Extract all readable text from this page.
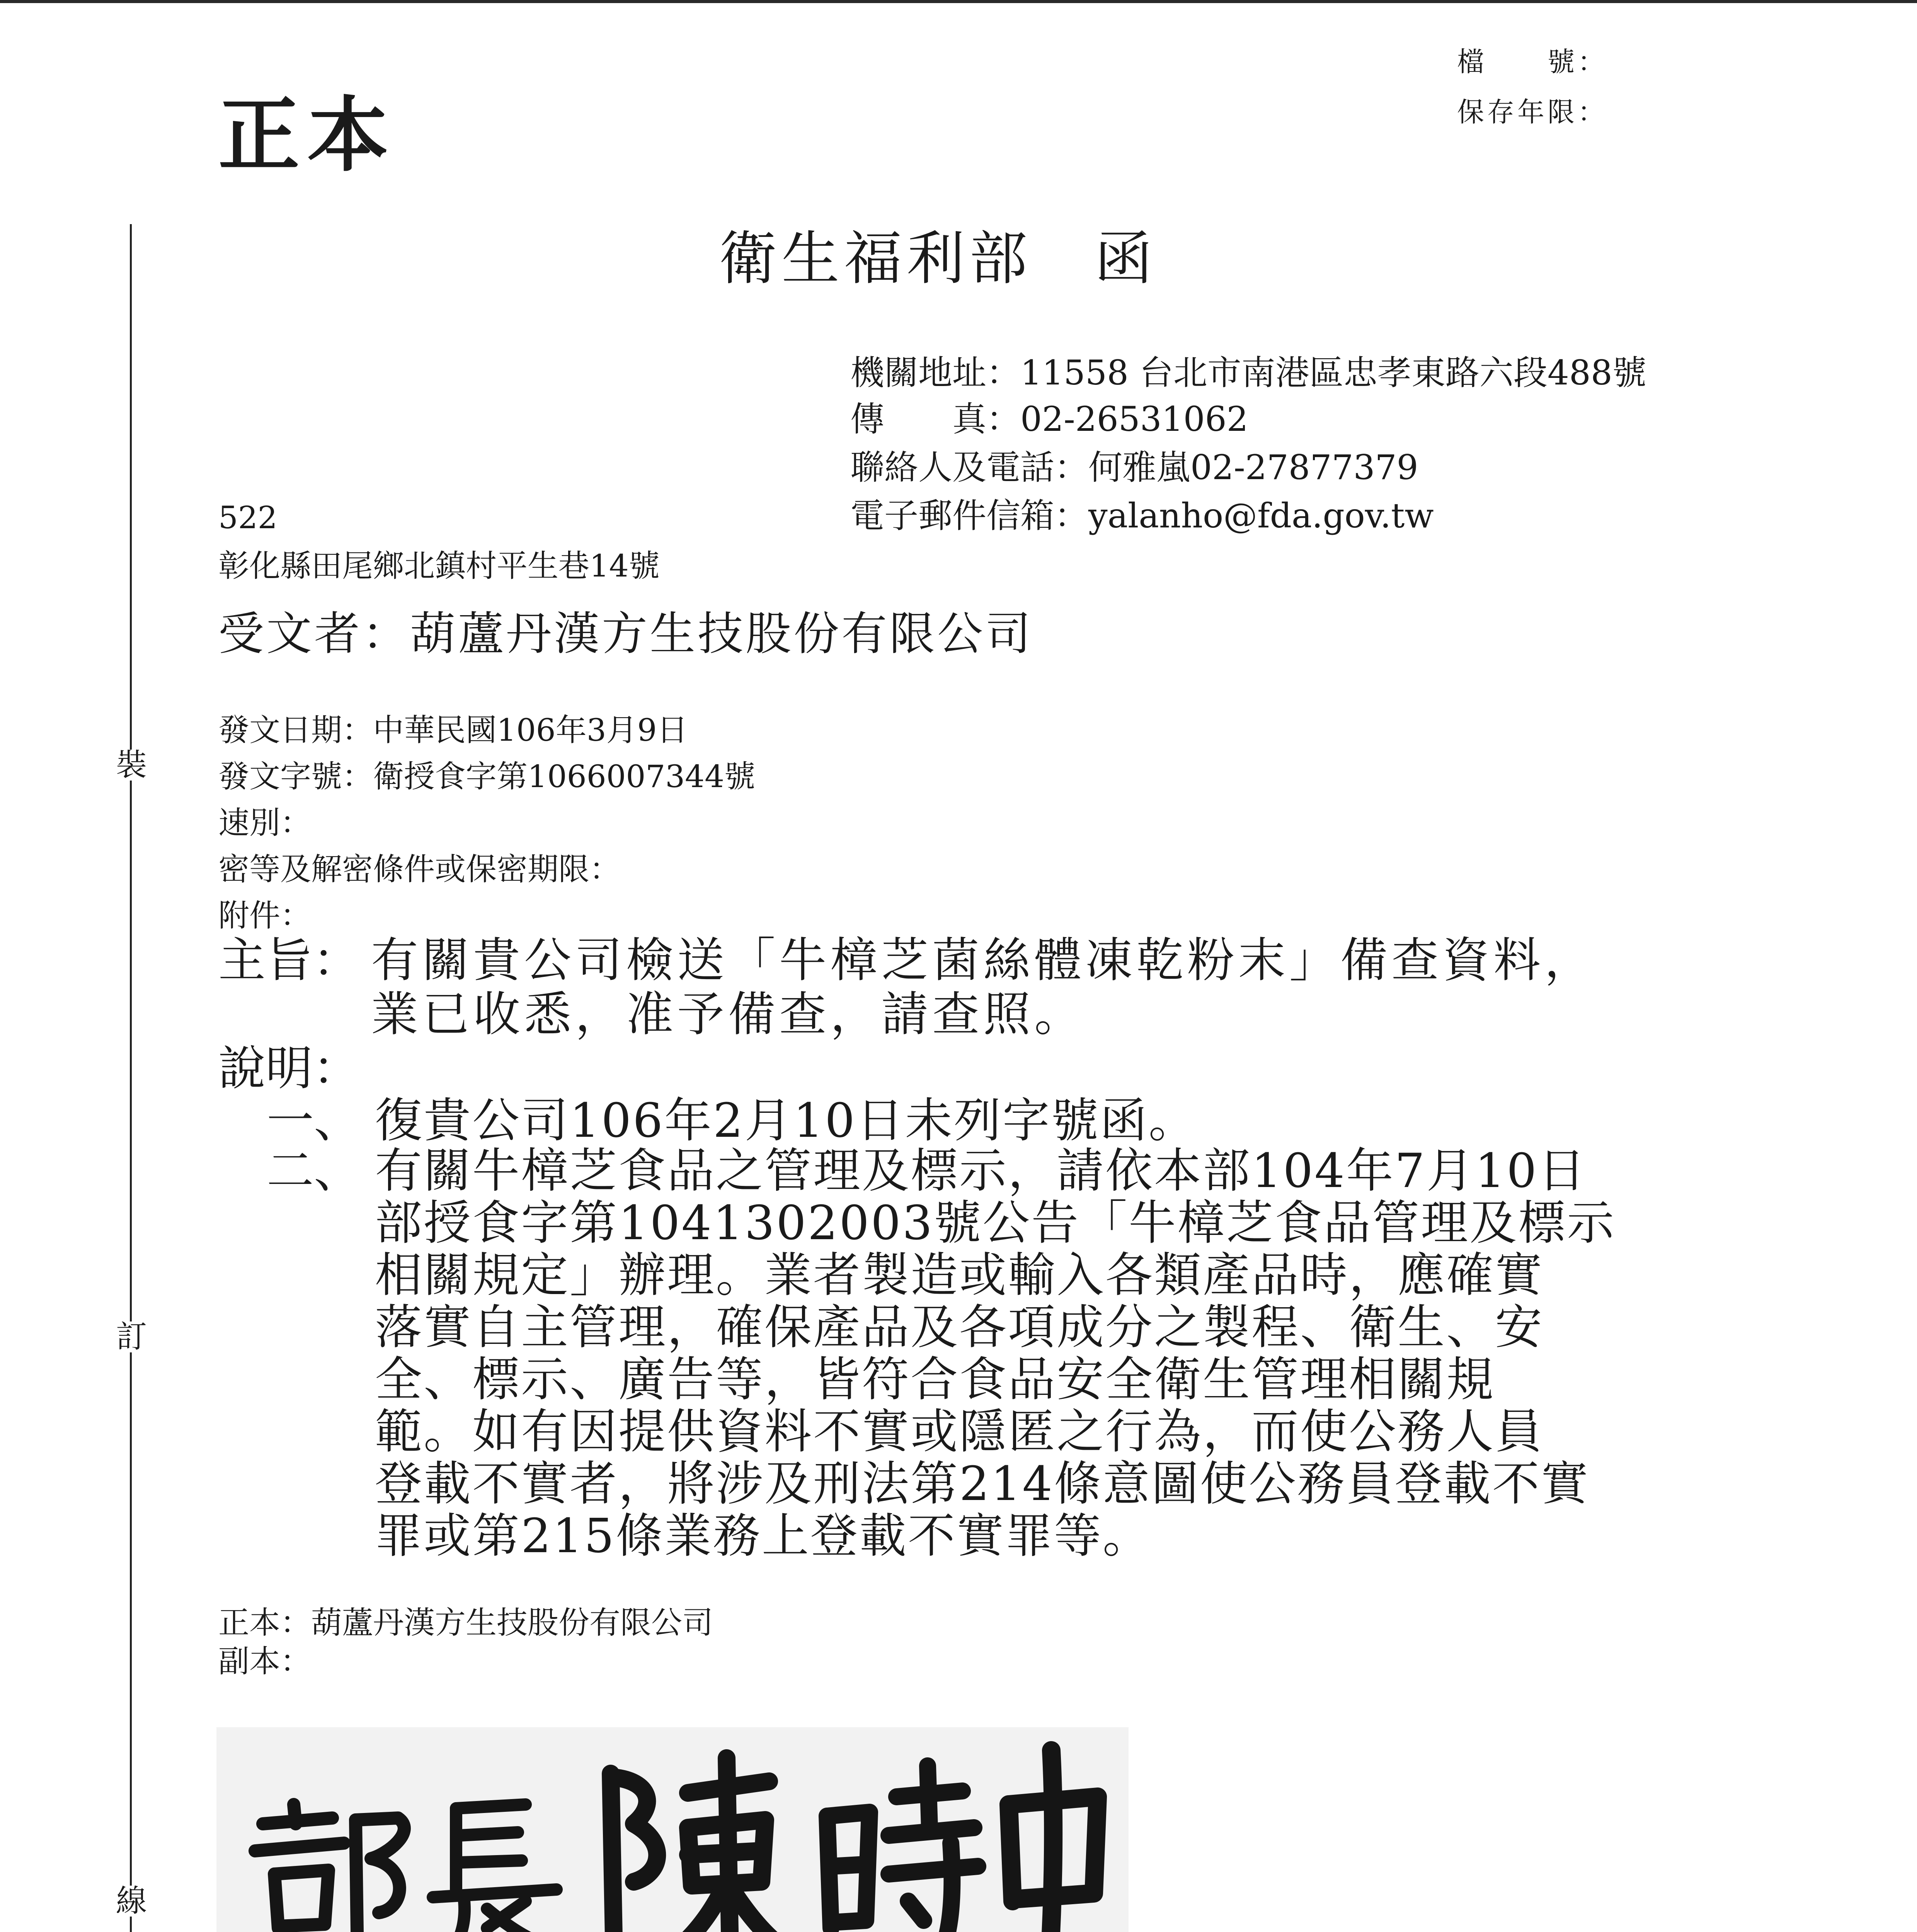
裝
訂
線
檔　　號：
保存年限：
正本
衛生福利部　函
機關地址：11558 台北市南港區忠孝東路六段488號
傳　　真：02-26531062
聯絡人及電話：何雅嵐02-27877379
電子郵件信箱：yalanho@fda.gov.tw
522
彰化縣田尾鄉北鎮村平生巷14號
受文者：葫蘆丹漢方生技股份有限公司
發文日期：中華民國106年3月9日
發文字號：衛授食字第1066007344號
速別：
密等及解密條件或保密期限：
附件：
主旨： 有關貴公司檢送「牛樟芝菌絲體凍乾粉末」備查資料，
業已收悉，准予備查，請查照。
說明：
一、 復貴公司106年2月10日未列字號函。
二、 有關牛樟芝食品之管理及標示，請依本部104年7月10日
部授食字第1041302003號公告「牛樟芝食品管理及標示
相關規定」辦理。業者製造或輸入各類產品時，應確實
落實自主管理，確保產品及各項成分之製程、衛生、安
全、標示、廣告等，皆符合食品安全衛生管理相關規
範。如有因提供資料不實或隱匿之行為，而使公務人員
登載不實者，將涉及刑法第214條意圖使公務員登載不實
罪或第215條業務上登載不實罪等。
正本：葫蘆丹漢方生技股份有限公司
副本：
